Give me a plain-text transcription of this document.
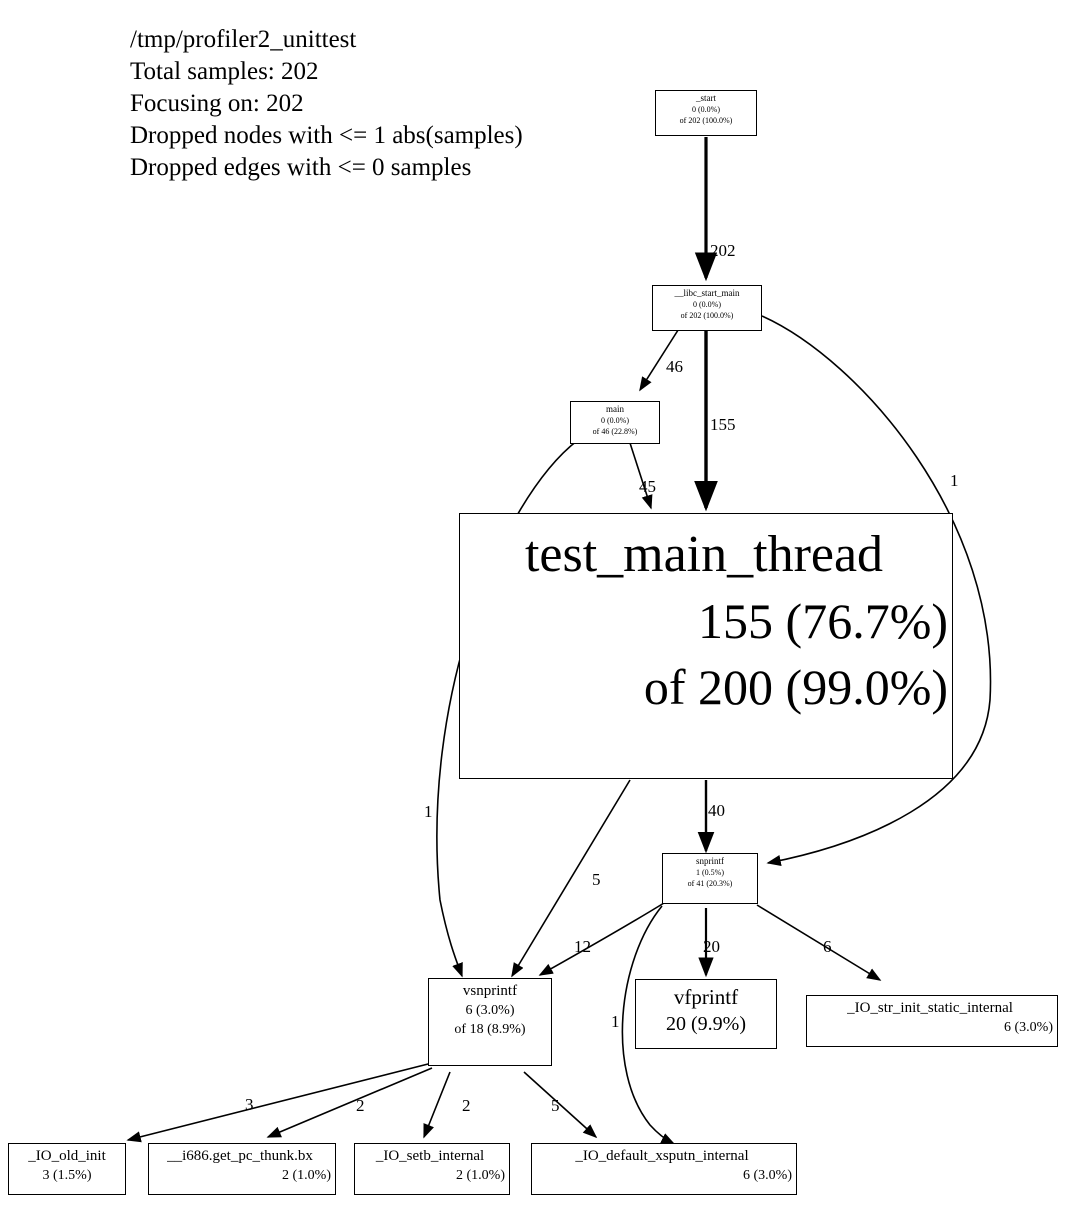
/tmp/profiler2_unittest
Total samples: 202
Focusing on: 202
Dropped nodes with <= 1 abs(samples)
Dropped edges with <= 0 samples
_start
0 (0.0%)
of 202 (100.0%)
__libc_start_main
0 (0.0%)
of 202 (100.0%)
main
0 (0.0%)
of 46 (22.8%)
test_main_thread
155 (76.7%)
of 200 (99.0%)
snprintf
1 (0.5%)
of 41 (20.3%)
vsnprintf
6 (3.0%)
of 18 (8.9%)
vfprintf
20 (9.9%)
_IO_str_init_static_internal
6 (3.0%)
_IO_old_init
3 (1.5%)
__i686.get_pc_thunk.bx
2 (1.0%)
_IO_setb_internal
2 (1.0%)
_IO_default_xsputn_internal
6 (3.0%)
202
46
155
1
45
1	40
5
12	20	6
1
3	2	2	5
